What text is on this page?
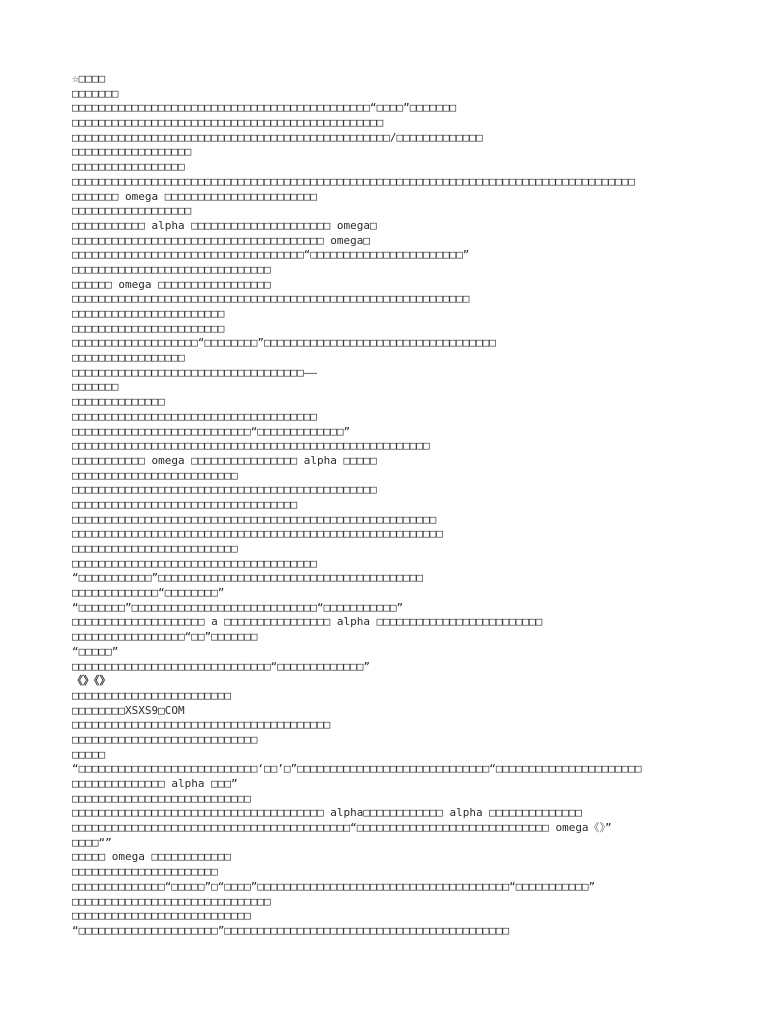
☆□□□□
□□□□□□□
□□□□□□□□□□□□□□□□□□□□□□□□□□□□□□□□□□□□□□□□□□□□□“□□□□”□□□□□□□
□□□□□□□□□□□□□□□□□□□□□□□□□□□□□□□□□□□□□□□□□□□□□□□
□□□□□□□□□□□□□□□□□□□□□□□□□□□□□□□□□□□□□□□□□□□□□□□□/□□□□□□□□□□□□□
□□□□□□□□□□□□□□□□□□
□□□□□□□□□□□□□□□□□
□□□□□□□□□□□□□□□□□□□□□□□□□□□□□□□□□□□□□□□□□□□□□□□□□□□□□□□□□□□□□□□□□□□□□□□□□□□□□□□□□□□□□
□□□□□□□ omega □□□□□□□□□□□□□□□□□□□□□□□
□□□□□□□□□□□□□□□□□□
□□□□□□□□□□□ alpha □□□□□□□□□□□□□□□□□□□□□ omega□
□□□□□□□□□□□□□□□□□□□□□□□□□□□□□□□□□□□□□□ omega□
□□□□□□□□□□□□□□□□□□□□□□□□□□□□□□□□□□□“□□□□□□□□□□□□□□□□□□□□□□□”
□□□□□□□□□□□□□□□□□□□□□□□□□□□□□□
□□□□□□ omega □□□□□□□□□□□□□□□□□
□□□□□□□□□□□□□□□□□□□□□□□□□□□□□□□□□□□□□□□□□□□□□□□□□□□□□□□□□□□□
□□□□□□□□□□□□□□□□□□□□□□□
□□□□□□□□□□□□□□□□□□□□□□□
□□□□□□□□□□□□□□□□□□□“□□□□□□□□”□□□□□□□□□□□□□□□□□□□□□□□□□□□□□□□□□□□
□□□□□□□□□□□□□□□□□
□□□□□□□□□□□□□□□□□□□□□□□□□□□□□□□□□□□——
□□□□□□□
□□□□□□□□□□□□□□
□□□□□□□□□□□□□□□□□□□□□□□□□□□□□□□□□□□□□
□□□□□□□□□□□□□□□□□□□□□□□□□□□“□□□□□□□□□□□□□”
□□□□□□□□□□□□□□□□□□□□□□□□□□□□□□□□□□□□□□□□□□□□□□□□□□□□□□
□□□□□□□□□□□ omega □□□□□□□□□□□□□□□□ alpha □□□□□
□□□□□□□□□□□□□□□□□□□□□□□□□
□□□□□□□□□□□□□□□□□□□□□□□□□□□□□□□□□□□□□□□□□□□□□□
□□□□□□□□□□□□□□□□□□□□□□□□□□□□□□□□□□
□□□□□□□□□□□□□□□□□□□□□□□□□□□□□□□□□□□□□□□□□□□□□□□□□□□□□□□
□□□□□□□□□□□□□□□□□□□□□□□□□□□□□□□□□□□□□□□□□□□□□□□□□□□□□□□□
□□□□□□□□□□□□□□□□□□□□□□□□□
□□□□□□□□□□□□□□□□□□□□□□□□□□□□□□□□□□□□□
“□□□□□□□□□□□”□□□□□□□□□□□□□□□□□□□□□□□□□□□□□□□□□□□□□□□□
□□□□□□□□□□□□□“□□□□□□□□”
“□□□□□□□”□□□□□□□□□□□□□□□□□□□□□□□□□□□□“□□□□□□□□□□□”
□□□□□□□□□□□□□□□□□□□□ a □□□□□□□□□□□□□□□□ alpha □□□□□□□□□□□□□□□□□□□□□□□□□
□□□□□□□□□□□□□□□□□“□□”□□□□□□□
“□□□□□”
□□□□□□□□□□□□□□□□□□□□□□□□□□□□□□“□□□□□□□□□□□□□”
《》《》
□□□□□□□□□□□□□□□□□□□□□□□□
□□□□□□□□XSXS9□COM
□□□□□□□□□□□□□□□□□□□□□□□□□□□□□□□□□□□□□□□
□□□□□□□□□□□□□□□□□□□□□□□□□□□□
□□□□□
“□□□□□□□□□□□□□□□□□□□□□□□□□□□‘□□’□”□□□□□□□□□□□□□□□□□□□□□□□□□□□□□“□□□□□□□□□□□□□□□□□□□□□□
□□□□□□□□□□□□□□ alpha □□□”
□□□□□□□□□□□□□□□□□□□□□□□□□□□
□□□□□□□□□□□□□□□□□□□□□□□□□□□□□□□□□□□□□□ alpha□□□□□□□□□□□□ alpha □□□□□□□□□□□□□□
□□□□□□□□□□□□□□□□□□□□□□□□□□□□□□□□□□□□□□□□□□“□□□□□□□□□□□□□□□□□□□□□□□□□□□□□ omega《》”
□□□□“”
□□□□□ omega □□□□□□□□□□□□
□□□□□□□□□□□□□□□□□□□□□□
□□□□□□□□□□□□□□“□□□□□”□“□□□□”□□□□□□□□□□□□□□□□□□□□□□□□□□□□□□□□□□□□□□“□□□□□□□□□□□”
□□□□□□□□□□□□□□□□□□□□□□□□□□□□□□
□□□□□□□□□□□□□□□□□□□□□□□□□□□
“□□□□□□□□□□□□□□□□□□□□□”□□□□□□□□□□□□□□□□□□□□□□□□□□□□□□□□□□□□□□□□□□□
